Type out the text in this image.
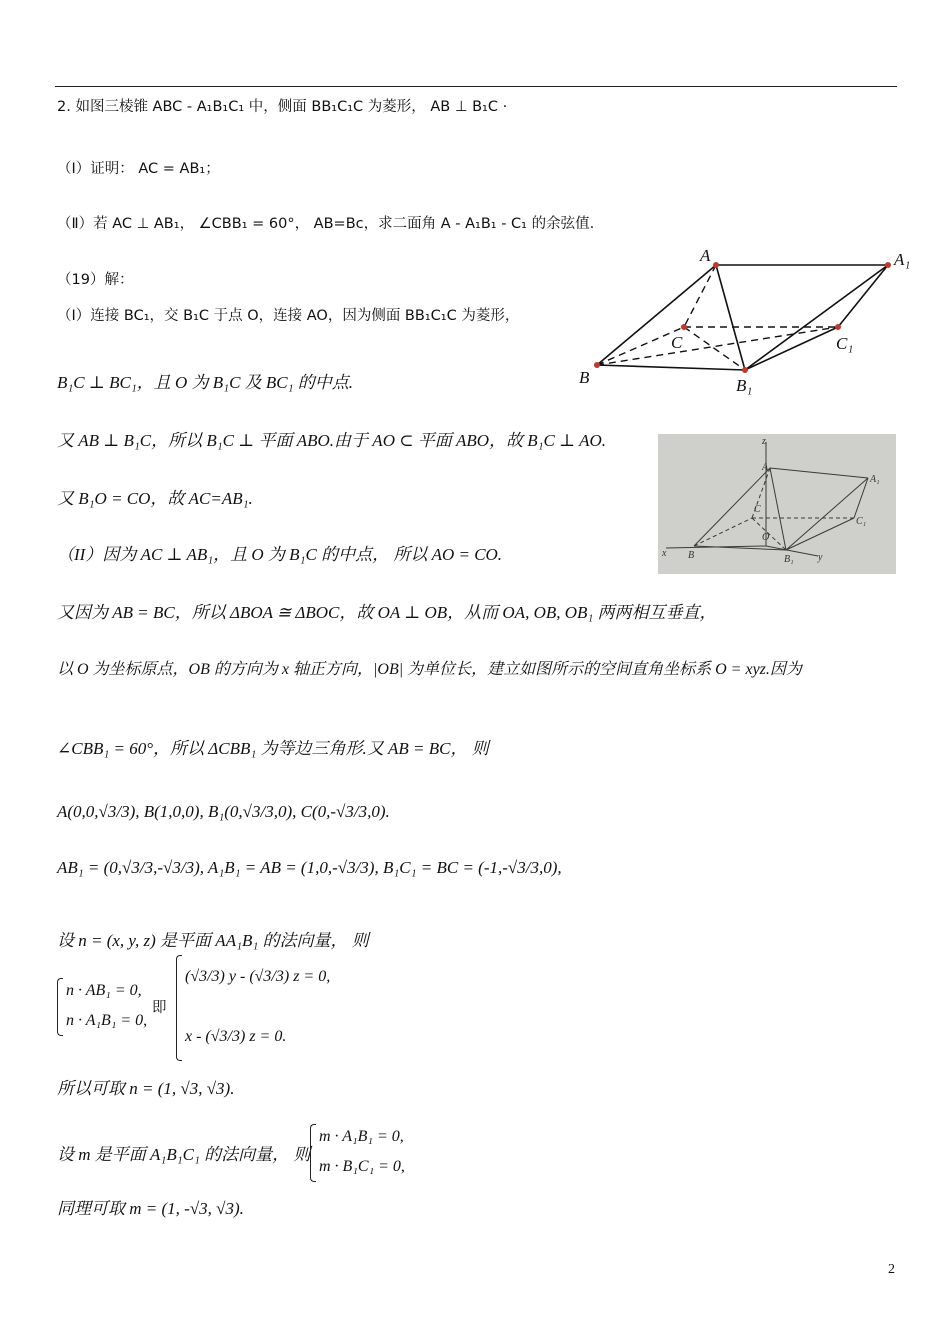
2. 如图三棱锥 ABC - A₁B₁C₁ 中，侧面 BB₁C₁C 为菱形， AB ⊥ B₁C ·
（Ⅰ）证明： AC = AB₁；
（Ⅱ）若 AC ⊥ AB₁， ∠CBB₁ = 60°， AB=Bc，求二面角 A - A₁B₁ - C₁ 的余弦值.
（19）解：
（I）连接 BC₁，交 B₁C 于点 O，连接 AO，因为侧面 BB₁C₁C 为菱形，
B₁C ⊥ BC₁，且 O 为 B₁C 及 BC₁ 的中点.
又 AB ⊥ B₁C，所以 B₁C ⊥ 平面 ABO.由于 AO ⊂ 平面 ABO，故 B₁C ⊥ AO.
又 B₁O = CO，故 AC=AB₁.
（II）因为 AC ⊥ AB₁，且 O 为 B₁C 的中点， 所以 AO = CO.
又因为 AB = BC，所以 ΔBOA ≅ ΔBOC，故 OA ⊥ OB，从而 OA, OB, OB₁ 两两相互垂直，
以 O 为坐标原点，OB 的方向为 x 轴正方向，|OB| 为单位长，建立如图所示的空间直角坐标系 O = xyz.因为
∠CBB₁ = 60°，所以 ΔCBB₁ 为等边三角形.又 AB = BC， 则
A(0,0,√3/3), B(1,0,0), B₁(0,√3/3,0), C(0,-√3/3,0).
AB₁ = (0,√3/3,-√3/3), A₁B₁ = AB = (1,0,-√3/3), B₁C₁ = BC = (-1,-√3/3,0),
设 n = (x, y, z) 是平面 AA₁B₁ 的法向量， 则
n · AB₁ = 0,
n · A₁B₁ = 0,
即
(√3/3) y - (√3/3) z = 0,
x - (√3/3) z = 0.
所以可取 n = (1, √3, √3).
设 m 是平面 A₁B₁C₁ 的法向量， 则
m · A₁B₁ = 0,
m · B₁C₁ = 0,
同理可取 m = (1, -√3, √3).
A	A₁
B	B₁
C	C₁
z
A
A₁
C
C₁
O
B	B₁
x	y
2
